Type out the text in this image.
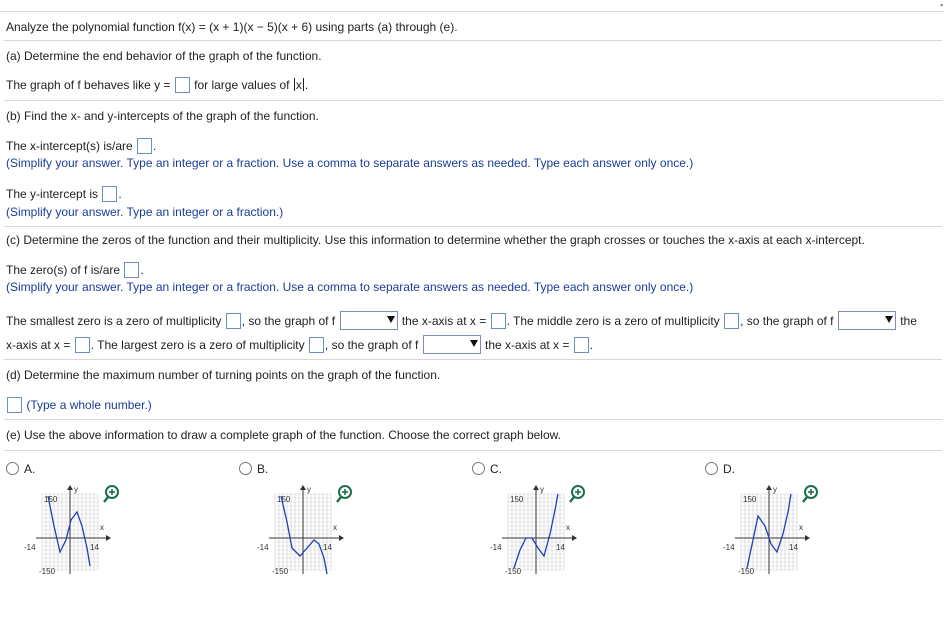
▪
Analyze the polynomial function f(x) = (x + 1)(x − 5)(x + 6) using parts (a) through (e).
(a) Determine the end behavior of the graph of the function.
The graph of f behaves like y = for large values of x .
(b) Find the x- and y-intercepts of the graph of the function.
The x-intercept(s) is/are .
(Simplify your answer. Type an integer or a fraction. Use a comma to separate answers as needed. Type each answer only once.)
The y-intercept is .
(Simplify your answer. Type an integer or a fraction.)
(c) Determine the zeros of the function and their multiplicity. Use this information to determine whether the graph crosses or touches the x-axis at each x-intercept.
The zero(s) of f is/are .
(Simplify your answer. Type an integer or a fraction. Use a comma to separate answers as needed. Type each answer only once.)
The smallest zero is a zero of multiplicity , so the graph of f	the x-axis at x = . The middle zero is a zero of multiplicity , so the graph of f	the
x-axis at x = . The largest zero is a zero of multiplicity , so the graph of f	the x-axis at x = .
(d) Determine the maximum number of turning points on the graph of the function.
(Type a whole number.)
(e) Use the above information to draw a complete graph of the function. Choose the correct graph below.
A.	B.	C.	D.
y
x
150
-150
-14	14
y
x
150
-150
-14	14
y
x
150
-150
-14	14
y
x
150
-150
-14	14
